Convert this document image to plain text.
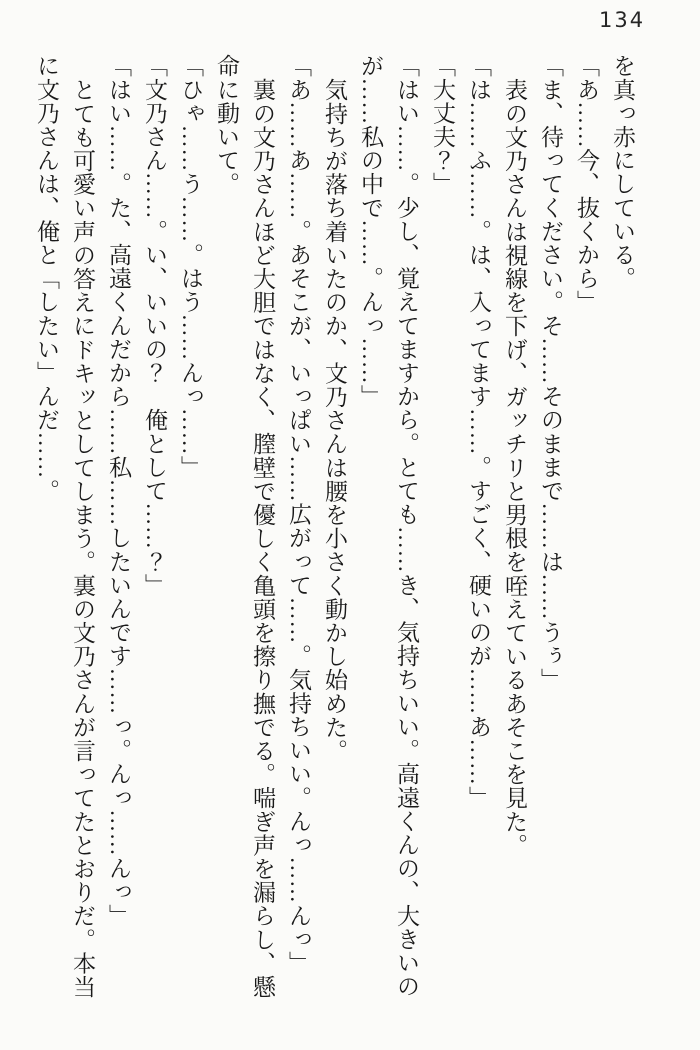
134
を真っ赤にしている。
「あ……今、抜くから」
「ま、待ってください。そ……そのままで……は……うぅ」
表の文乃さんは視線を下げ、ガッチリと男根を咥えているあそこを見た。
「は……ふ……。は、入ってます……。すごく、硬いのが……あ……」
「大丈夫？」
「はい……。少し、覚えてますから。とても……き、気持ちいい。高遠くんの、大きいの
が……私の中で……。んっ……」
気持ちが落ち着いたのか、文乃さんは腰を小さく動かし始めた。
「あ……あ……。あそこが、いっぱい……広がって……。気持ちいい。んっ……んっ」
裏の文乃さんほど大胆ではなく、膣壁で優しく亀頭を擦り撫でる。喘ぎ声を漏らし、懸
命に動いて。
「ひゃ……う……。はう……んっ……」
「文乃さん……。い、いいの？　俺として……？」
「はい……。た、高遠くんだから……私……したいんです……っ。んっ……んっ」
とても可愛い声の答えにドキッとしてしまう。裏の文乃さんが言ってたとおりだ。本当
に文乃さんは、俺と「したい」んだ……。
